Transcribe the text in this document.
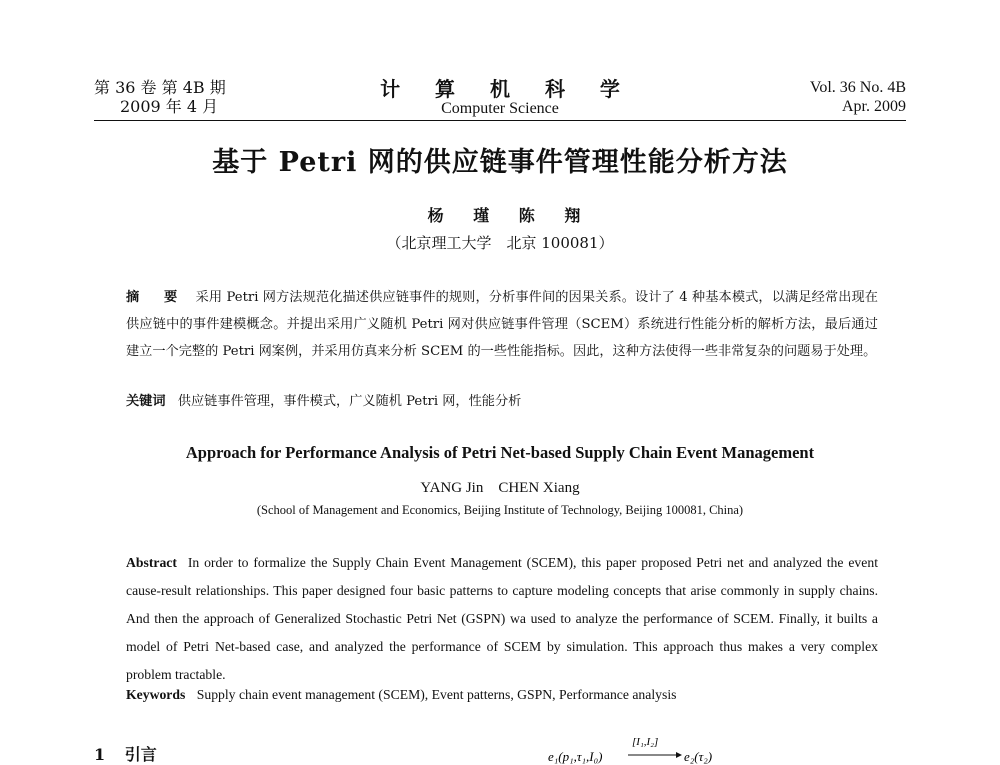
第 36 卷 第 4B 期
2009 年 4 月
计 算 机 科 学
Computer Science
Vol. 36 No. 4B
Apr. 2009
基于 Petri 网的供应链事件管理性能分析方法
杨 瑾 陈 翔
（北京理工大学　北京 100081）
摘 要 采用 Petri 网方法规范化描述供应链事件的规则，分析事件间的因果关系。设计了 4 种基本模式，以满足经常出现在供应链中的事件建模概念。并提出采用广义随机 Petri 网对供应链事件管理（SCEM）系统进行性能分析的解析方法，最后通过建立一个完整的 Petri 网案例，并采用仿真来分析 SCEM 的一些性能指标。因此，这种方法使得一些非常复杂的问题易于处理。
关键词 供应链事件管理，事件模式，广义随机 Petri 网，性能分析
Approach for Performance Analysis of Petri Net-based Supply Chain Event Management
YANG Jin　CHEN Xiang
(School of Management and Economics, Beijing Institute of Technology, Beijing 100081, China)
Abstract In order to formalize the Supply Chain Event Management (SCEM), this paper proposed Petri net and analyzed the event cause-result relationships. This paper designed four basic patterns to capture modeling concepts that arise commonly in supply chains. And then the approach of Generalized Stochastic Petri Net (GSPN) wa used to analyze the performance of SCEM. Finally, it builts a model of Petri Net-based case, and analyzed the performance of SCEM by simulation. This approach thus makes a very complex problem tractable.
Keywords Supply chain event management (SCEM), Event patterns, GSPN, Performance analysis
1 引言	e₁(p₁,τ₁,I₀)
[I₁,I₂]
e₂(τ₂)
